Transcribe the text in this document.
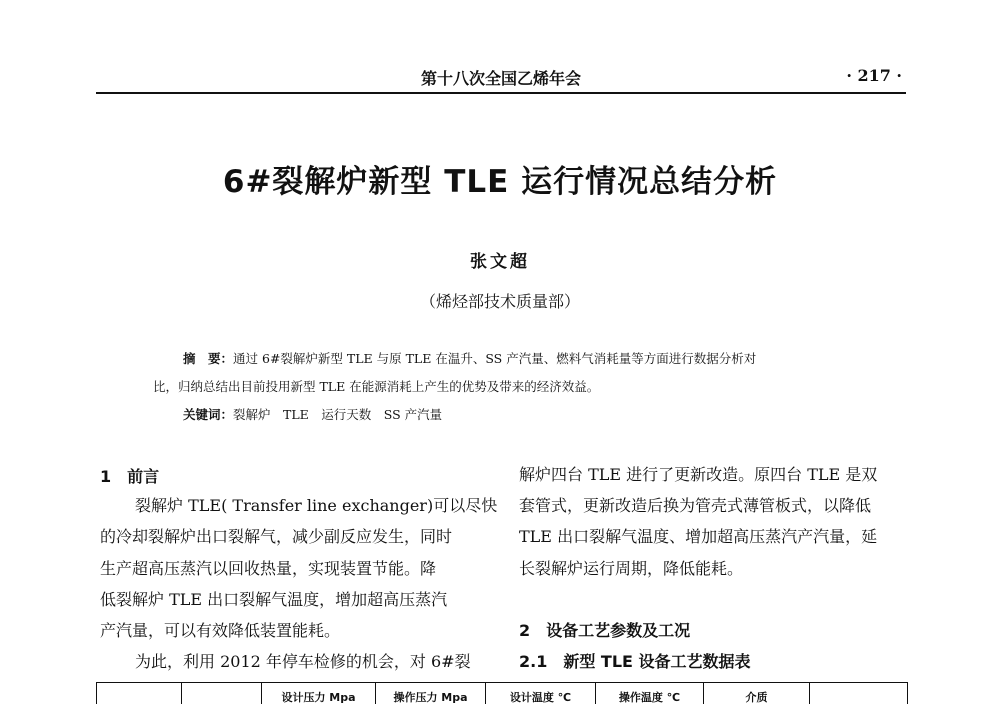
第十八次全国乙烯年会	· 217 ·
6#裂解炉新型 TLE 运行情况总结分析
张文超
（烯烃部技术质量部）
摘　要：通过 6#裂解炉新型 TLE 与原 TLE 在温升、SS 产汽量、燃料气消耗量等方面进行数据分析对
比，归纳总结出目前投用新型 TLE 在能源消耗上产生的优势及带来的经济效益。
关键词：裂解炉　TLE　运行天数　SS 产汽量
1　前言
裂解炉 TLE( Transfer line exchanger)可以尽快
的冷却裂解炉出口裂解气，减少副反应发生，同时
生产超高压蒸汽以回收热量，实现装置节能。降
低裂解炉 TLE 出口裂解气温度，增加超高压蒸汽
产汽量，可以有效降低装置能耗。
为此，利用 2012 年停车检修的机会，对 6#裂
解炉四台 TLE 进行了更新改造。原四台 TLE 是双
套管式，更新改造后换为管壳式薄管板式，以降低
TLE 出口裂解气温度、增加超高压蒸汽产汽量，延
长裂解炉运行周期，降低能耗。
2　设备工艺参数及工况
2.1　新型 TLE 设备工艺数据表
设计压力 Mpa	操作压力 Mpa	设计温度 ℃	操作温度 ℃	介质
